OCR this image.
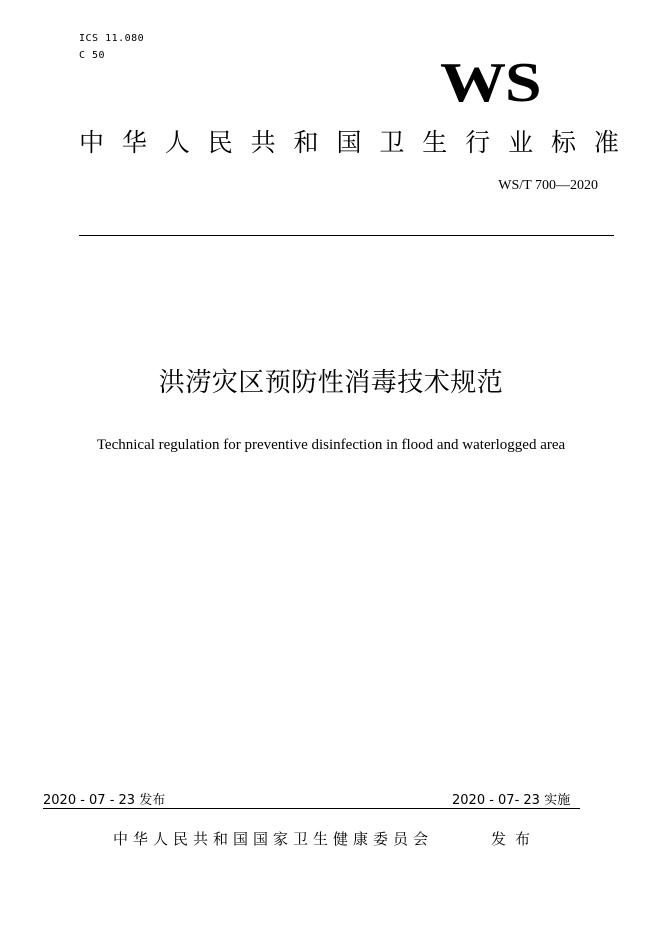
ICS 11.080
C 50	WS
中 华 人 民 共 和 国 卫 生 行 业 标 准
WS/T 700—2020
洪涝灾区预防性消毒技术规范
Technical regulation for preventive disinfection in flood and waterlogged area
2020 - 07 - 23 发布	2020 - 07- 23 实施
中华人民共和国国家卫生健康委员会	发布
